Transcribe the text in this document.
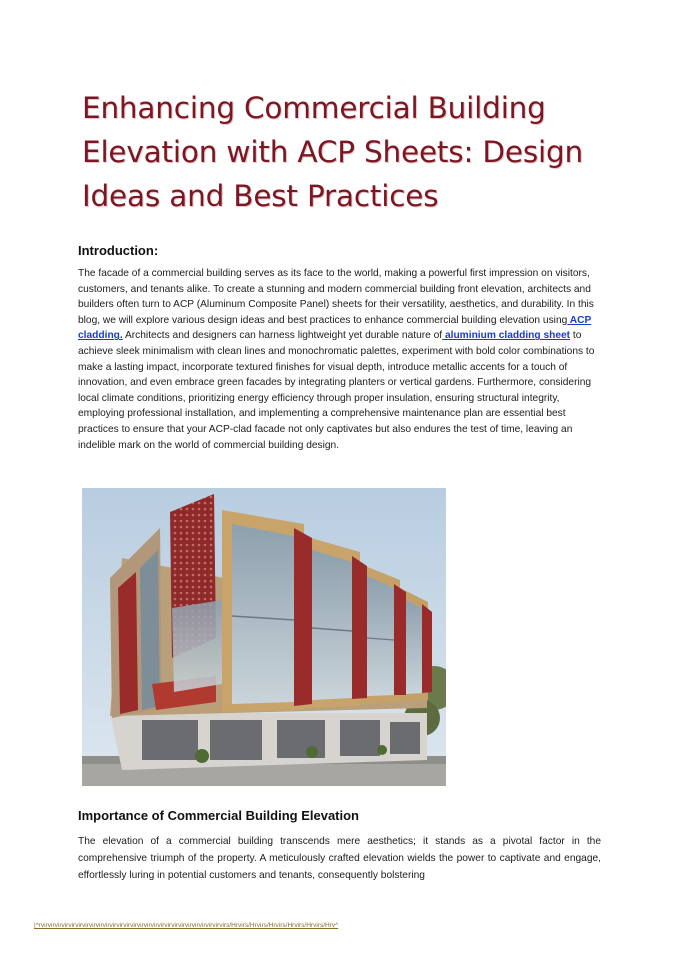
Enhancing Commercial Building Elevation with ACP Sheets: Design Ideas and Best Practices
Introduction:
The facade of a commercial building serves as its face to the world, making a powerful first impression on visitors, customers, and tenants alike. To create a stunning and modern commercial building front elevation, architects and builders often turn to ACP (Aluminum Composite Panel) sheets for their versatility, aesthetics, and durability. In this blog, we will explore various design ideas and best practices to enhance commercial building elevation using ACP cladding. Architects and designers can harness lightweight yet durable nature of aluminium cladding sheet to achieve sleek minimalism with clean lines and monochromatic palettes, experiment with bold color combinations to make a lasting impact, incorporate textured finishes for visual depth, introduce metallic accents for a touch of innovation, and even embrace green facades by integrating planters or vertical gardens. Furthermore, considering local climate conditions, prioritizing energy efficiency through proper insulation, ensuring structural integrity, employing professional installation, and implementing a comprehensive maintenance plan are essential best practices to ensure that your ACP-clad facade not only captivates but also endures the test of time, leaving an indelible mark on the world of commercial building design.
Importance of Commercial Building Elevation
The elevation of a commercial building transcends mere aesthetics; it stands as a pivotal factor in the comprehensive triumph of the property. A meticulously crafted elevation wields the power to captivate and engage, effortlessly luring in potential customers and tenants, consequently bolstering
|^rvirvirvirvirvirvirvirvirvirvirvirvirvirvirvirvirvirvirvirvirvirvirvirvirvirvirvirs/Hrvirs/Hrvirs/Hrvirs/Hrvirs/Hrvirs/Hrv^
